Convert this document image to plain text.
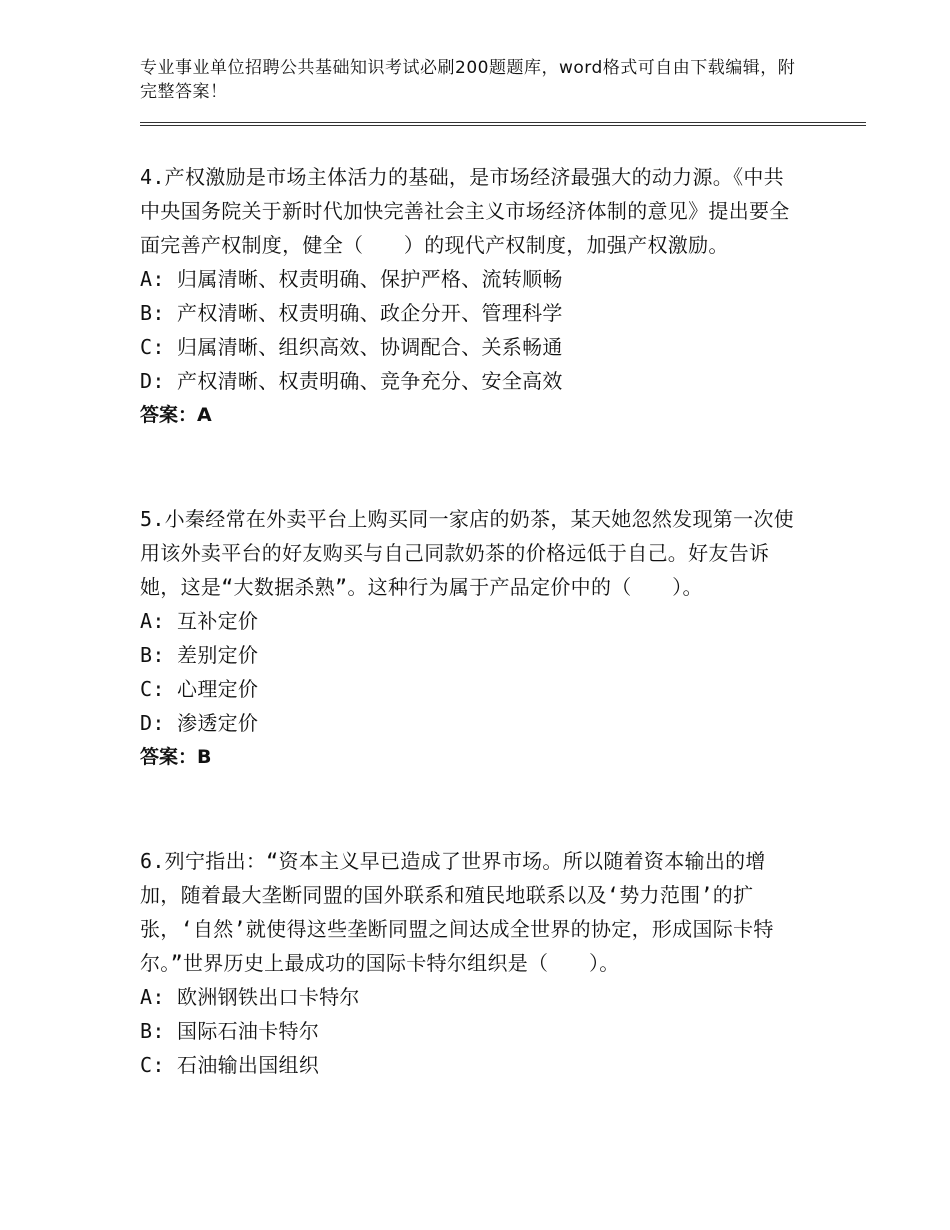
专业事业单位招聘公共基础知识考试必刷200题题库，word格式可自由下载编辑，附完整答案！

4.产权激励是市场主体活力的基础，是市场经济最强大的动力源。《中共中央国务院关于新时代加快完善社会主义市场经济体制的意见》提出要全面完善产权制度，健全（　　）的现代产权制度，加强产权激励。

A: 归属清晰、权责明确、保护严格、流转顺畅

B: 产权清晰、权责明确、政企分开、管理科学

C: 归属清晰、组织高效、协调配合、关系畅通

D: 产权清晰、权责明确、竞争充分、安全高效

答案：A

5.小秦经常在外卖平台上购买同一家店的奶茶，某天她忽然发现第一次使用该外卖平台的好友购买与自己同款奶茶的价格远低于自己。好友告诉她，这是“大数据杀熟”。这种行为属于产品定价中的（　　）。

A: 互补定价

B: 差别定价

C: 心理定价

D: 渗透定价

答案：B

6.列宁指出：“资本主义早已造成了世界市场。所以随着资本输出的增加，随着最大垄断同盟的国外联系和殖民地联系以及‘势力范围’的扩张，‘自然’就使得这些垄断同盟之间达成全世界的协定，形成国际卡特尔。”世界历史上最成功的国际卡特尔组织是（　　）。

A: 欧洲钢铁出口卡特尔

B: 国际石油卡特尔

C: 石油输出国组织
